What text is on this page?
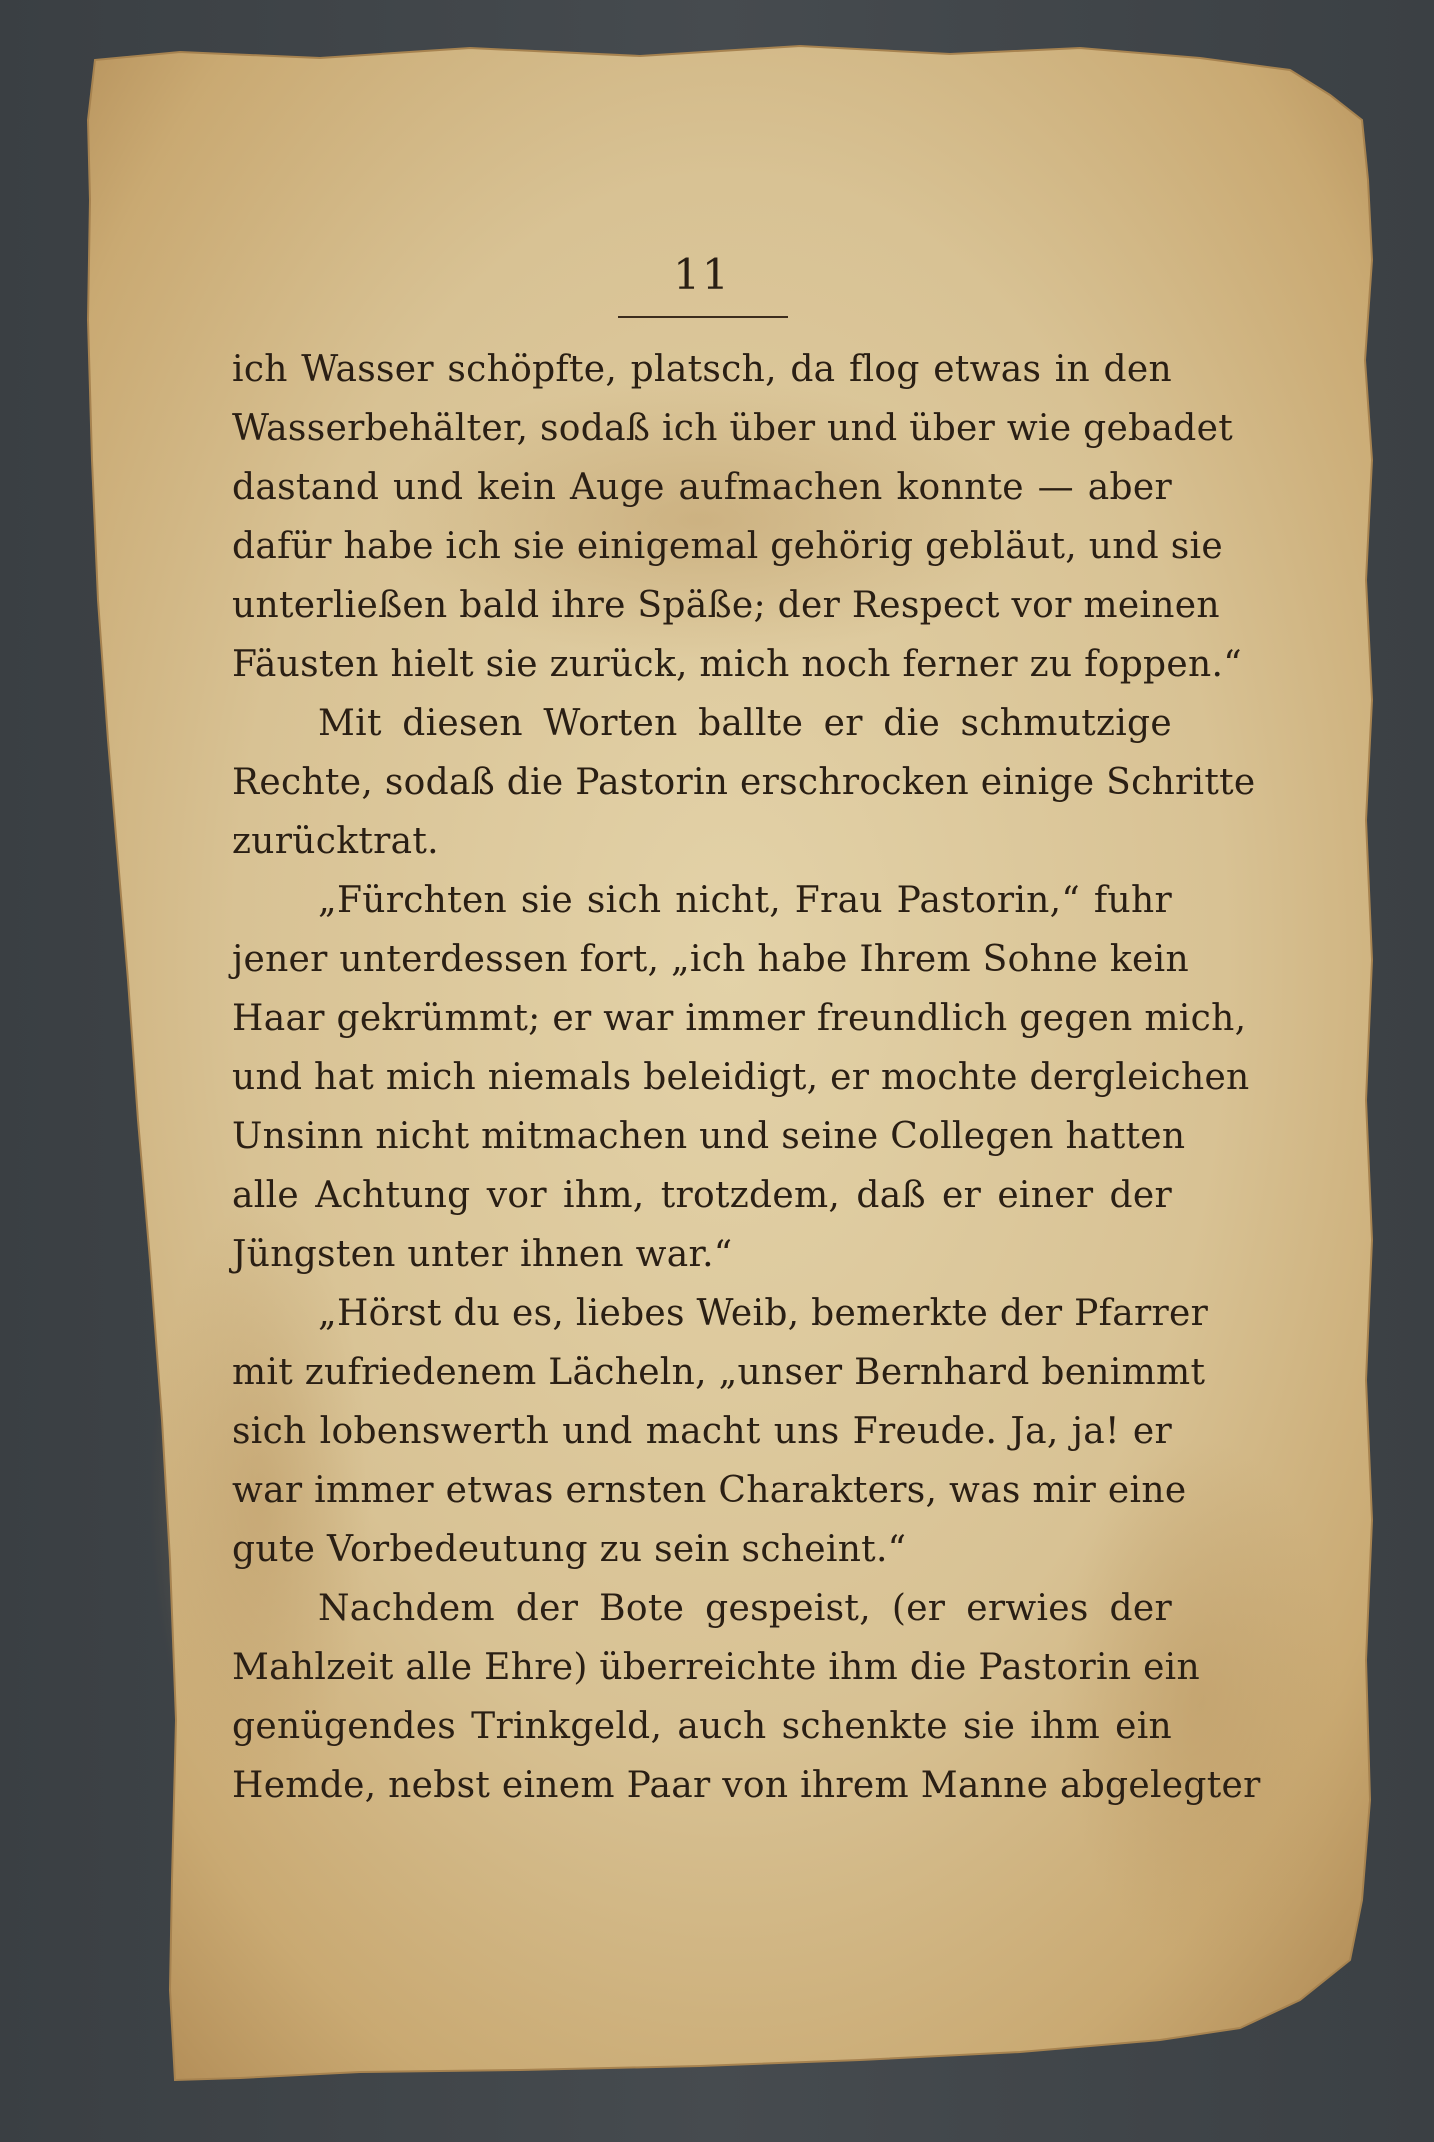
11
ich Wasser schöpfte, platsch, da flog etwas in den
Wasserbehälter, sodaß ich über und über wie gebadet
dastand und kein Auge aufmachen konnte — aber
dafür habe ich sie einigemal gehörig gebläut, und sie
unterließen bald ihre Späße; der Respect vor meinen
Fäusten hielt sie zurück, mich noch ferner zu foppen.“
Mit diesen Worten ballte er die schmutzige
Rechte, sodaß die Pastorin erschrocken einige Schritte
zurücktrat.
„Fürchten sie sich nicht, Frau Pastorin,“ fuhr
jener unterdessen fort, „ich habe Ihrem Sohne kein
Haar gekrümmt; er war immer freundlich gegen mich,
und hat mich niemals beleidigt, er mochte dergleichen
Unsinn nicht mitmachen und seine Collegen hatten
alle Achtung vor ihm, trotzdem, daß er einer der
Jüngsten unter ihnen war.“
„Hörst du es, liebes Weib, bemerkte der Pfarrer
mit zufriedenem Lächeln, „unser Bernhard benimmt
sich lobenswerth und macht uns Freude. Ja, ja! er
war immer etwas ernsten Charakters, was mir eine
gute Vorbedeutung zu sein scheint.“
Nachdem der Bote gespeist, (er erwies der
Mahlzeit alle Ehre) überreichte ihm die Pastorin ein
genügendes Trinkgeld, auch schenkte sie ihm ein
Hemde, nebst einem Paar von ihrem Manne abgelegter
